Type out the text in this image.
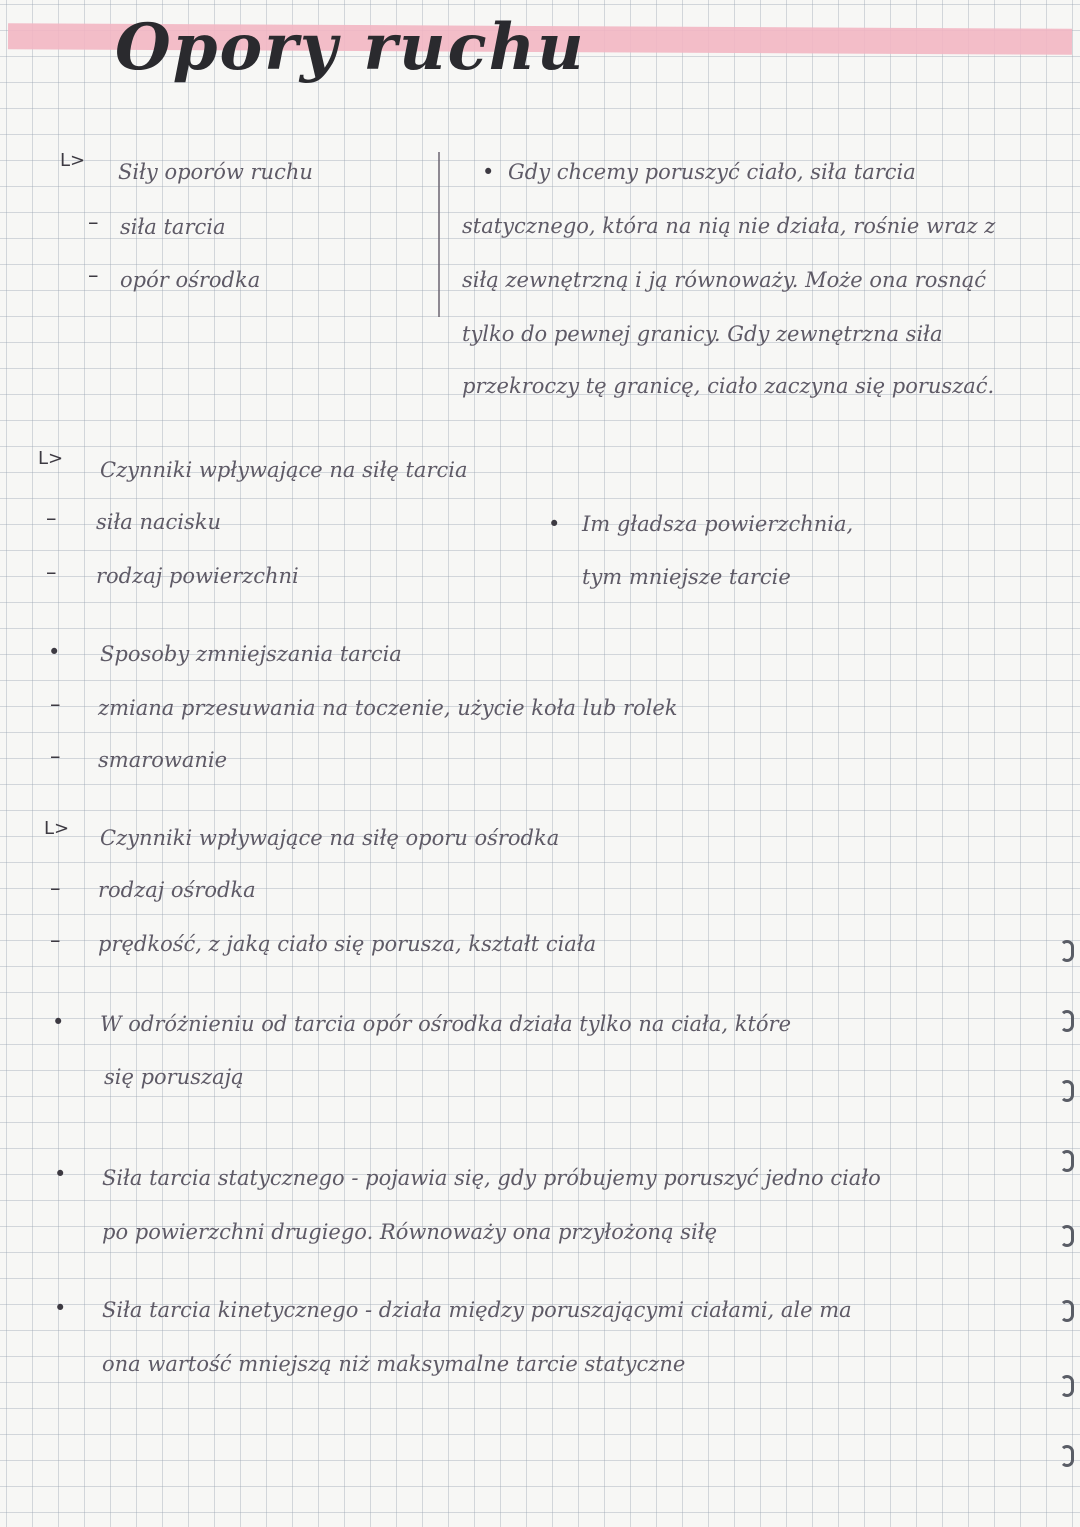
Opory ruchu
L> Siły oporów ruchu
– siła tarcia
– opór ośrodka
• Gdy chcemy poruszyć ciało, siła tarcia
statycznego, która na nią nie działa, rośnie wraz z
siłą zewnętrzną i ją równoważy. Może ona rosnąć
tylko do pewnej granicy. Gdy zewnętrzna siła
przekroczy tę granicę, ciało zaczyna się poruszać.
L> Czynniki wpływające na siłę tarcia
– siła nacisku
– rodzaj powierzchni
• Im gładsza powierzchnia,
tym mniejsze tarcie
• Sposoby zmniejszania tarcia
– zmiana przesuwania na toczenie, użycie koła lub rolek
– smarowanie
L> Czynniki wpływające na siłę oporu ośrodka
– rodzaj ośrodka
– prędkość, z jaką ciało się porusza, kształt ciała
• W odróżnieniu od tarcia opór ośrodka działa tylko na ciała, które
się poruszają
• Siła tarcia statycznego - pojawia się, gdy próbujemy poruszyć jedno ciało
po powierzchni drugiego. Równoważy ona przyłożoną siłę
• Siła tarcia kinetycznego - działa między poruszającymi ciałami, ale ma
ona wartość mniejszą niż maksymalne tarcie statyczne
